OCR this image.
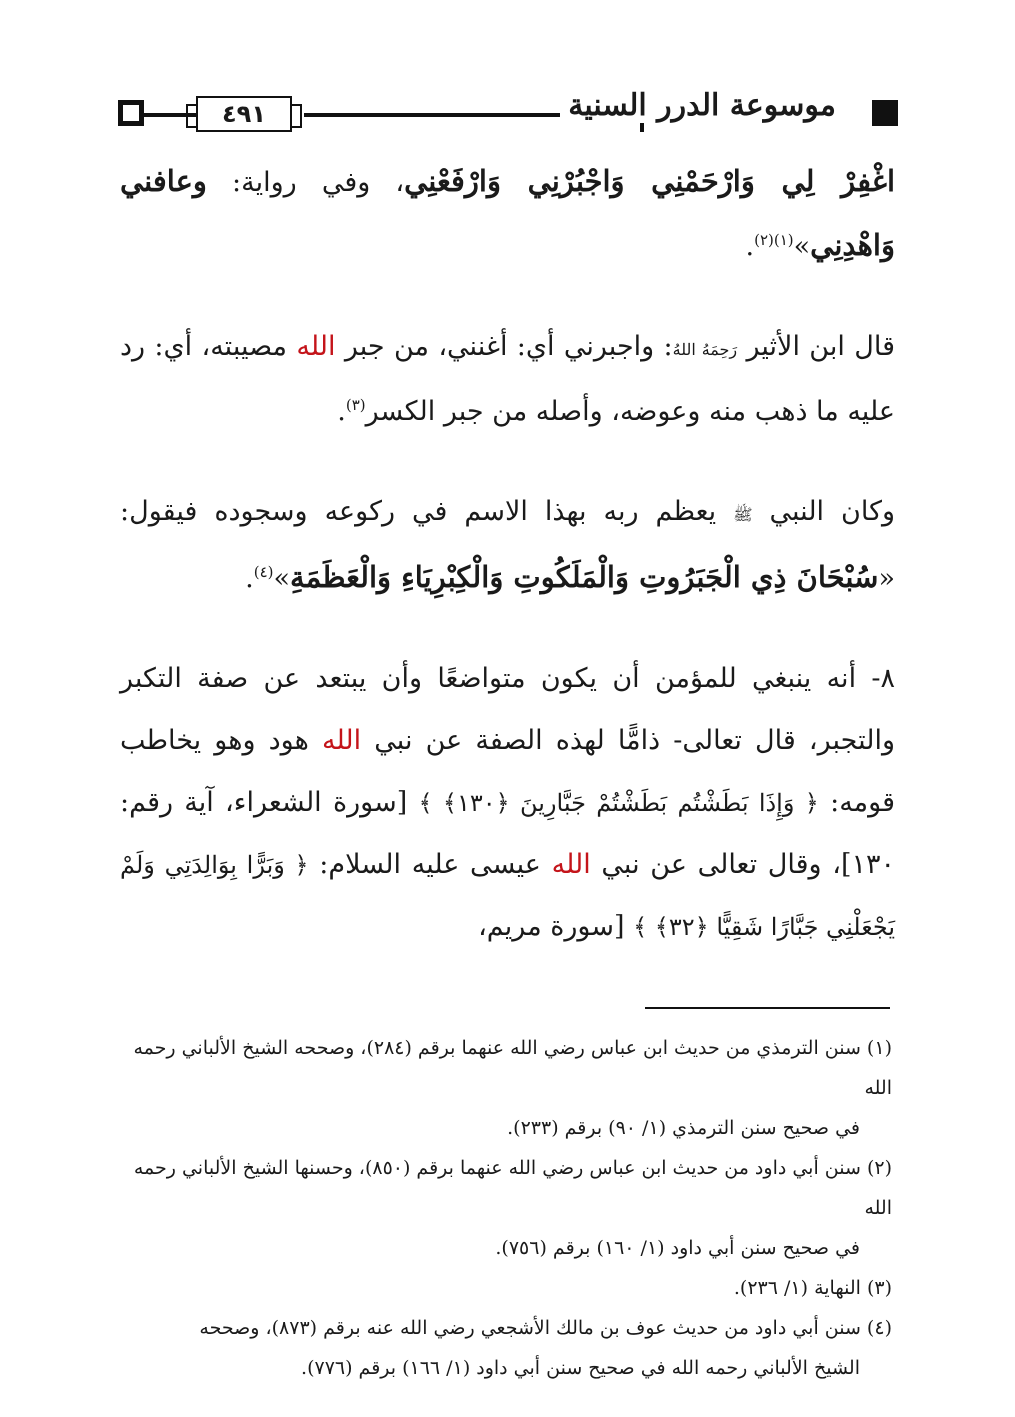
٤٩١	موسوعة الدرر السنية

اغْفِرْ لِي وَارْحَمْنِي وَاجْبُرْنِي وَارْفَعْنِي، وفي رواية: وعافني وَاهْدِنِي»$^{(١)(٢)}$.

قال ابن الأثير رَحِمَهُ اللهُ: واجبرني أي: أغنني، من جبر الله مصيبته، أي: رد عليه ما ذهب منه وعوضه، وأصله من جبر الكسر$^{(٣)}$.

وكان النبي ﷺ يعظم ربه بهذا الاسم في ركوعه وسجوده فيقول: «سُبْحَانَ ذِي الْجَبَرُوتِ وَالْمَلَكُوتِ وَالْكِبْرِيَاءِ وَالْعَظَمَةِ»$^{(٤)}$.

٨- أنه ينبغي للمؤمن أن يكون متواضعًا وأن يبتعد عن صفة التكبر والتجبر، قال تعالى- ذامًّا لهذه الصفة عن نبي الله هود وهو يخاطب قومه: ﴿ وَإِذَا بَطَشْتُم بَطَشْتُمْ جَبَّارِينَ ﴿١٣٠﴾ ﴾ [سورة الشعراء، آية رقم: ١٣٠]، وقال تعالى عن نبي الله عيسى عليه السلام: ﴿ وَبَرًّا بِوَالِدَتِي وَلَمْ يَجْعَلْنِي جَبَّارًا شَقِيًّا ﴿٣٢﴾ ﴾ [سورة مريم،

(١) سنن الترمذي من حديث ابن عباس رضي الله عنهما برقم (٢٨٤)، وصححه الشيخ الألباني رحمه الله
في صحيح سنن الترمذي (١/ ٩٠) برقم (٢٣٣).

(٢) سنن أبي داود من حديث ابن عباس رضي الله عنهما برقم (٨٥٠)، وحسنها الشيخ الألباني رحمه الله
في صحيح سنن أبي داود (١/ ١٦٠) برقم (٧٥٦).

(٣) النهاية (١/ ٢٣٦).

(٤) سنن أبي داود من حديث عوف بن مالك الأشجعي رضي الله عنه برقم (٨٧٣)، وصححه
الشيخ الألباني رحمه الله في صحيح سنن أبي داود (١/ ١٦٦) برقم (٧٧٦).
